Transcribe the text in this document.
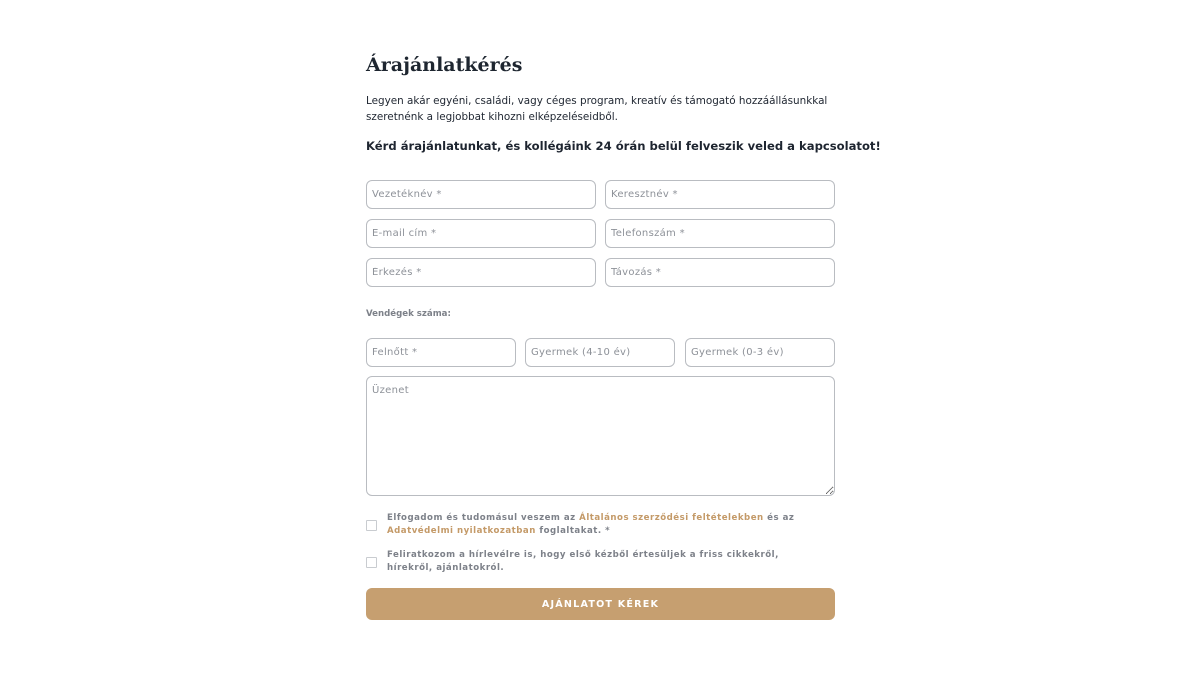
Árajánlatkérés

Legyen akár egyéni, családi, vagy céges program, kreatív és támogató hozzáállásunkkal szeretnénk a legjobbat kihozni elképzeléseidből.

Kérd árajánlatunkat, és kollégáink 24 órán belül felveszik veled a kapcsolatot!

Vezetéknév *
Keresztnév *
E-mail cím *
Telefonszám *
Érkezés *
Távozás *

Vendégek száma:

Felnőtt *
Gyermek (4-10 év)
Gyermek (0-3 év)
Üzenet
Elfogadom és tudomásul veszem az Általános szerződési feltételekben és az Adatvédelmi nyilatkozatban foglaltakat. *
Feliratkozom a hírlevélre is, hogy első kézből értesüljek a friss cikkekről, hírekről, ajánlatokról.
AJÁNLATOT KÉREK
